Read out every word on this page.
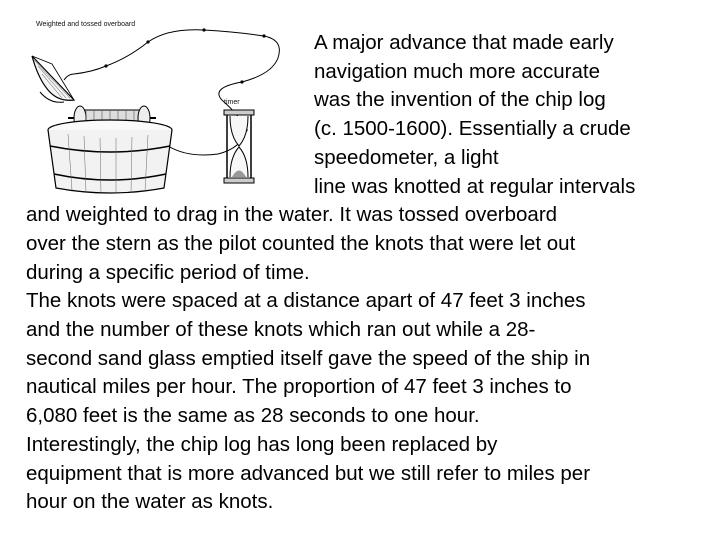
Weighted and tossed overboard
timer
A major advance that made early
navigation much more accurate
was the invention of the chip log
(c. 1500-1600). Essentially a crude
speedometer, a light
line was knotted at regular intervals
and weighted to drag in the water. It was tossed overboard
over the stern as the pilot counted the knots that were let out
during a specific period of time.
The knots were spaced at a distance apart of 47 feet 3 inches
and the number of these knots which ran out while a 28-
second sand glass emptied itself gave the speed of the ship in
nautical miles per hour. The proportion of 47 feet 3 inches to
6,080 feet is the same as 28 seconds to one hour.
Interestingly, the chip log has long been replaced by
equipment that is more advanced but we still refer to miles per
hour on the water as knots.
